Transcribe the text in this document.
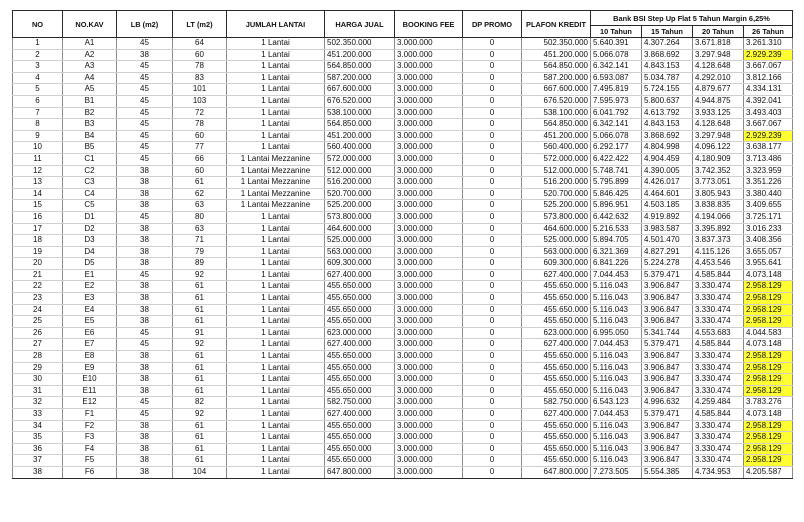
NO	NO.KAV	LB (m2)	LT (m2)	JUMLAH LANTAI	HARGA JUAL	BOOKING FEE	DP PROMO	PLAFON KREDIT	Bank BSI Step Up Flat 5 Tahun Margin 6,25%			
									10 Tahun	15 Tahun	20 Tahun	26 Tahun
1	A1	45	64	1 Lantai	502.350.000	3.000.000	0	502.350.000	5.640.391	4.307.264	3.671.818	3.261.310
2	A2	38	60	1 Lantai	451.200.000	3.000.000	0	451.200.000	5.066.078	3.868.692	3.297.948	2.929.239
3	A3	45	78	1 Lantai	564.850.000	3.000.000	0	564.850.000	6.342.141	4.843.153	4.128.648	3.667.067
4	A4	45	83	1 Lantai	587.200.000	3.000.000	0	587.200.000	6.593.087	5.034.787	4.292.010	3.812.166
5	A5	45	101	1 Lantai	667.600.000	3.000.000	0	667.600.000	7.495.819	5.724.155	4.879.677	4.334.131
6	B1	45	103	1 Lantai	676.520.000	3.000.000	0	676.520.000	7.595.973	5.800.637	4.944.875	4.392.041
7	B2	45	72	1 Lantai	538.100.000	3.000.000	0	538.100.000	6.041.792	4.613.792	3.933.125	3.493.403
8	B3	45	78	1 Lantai	564.850.000	3.000.000	0	564.850.000	6.342.141	4.843.153	4.128.648	3.667.067
9	B4	45	60	1 Lantai	451.200.000	3.000.000	0	451.200.000	5.066.078	3.868.692	3.297.948	2.929.239
10	B5	45	77	1 Lantai	560.400.000	3.000.000	0	560.400.000	6.292.177	4.804.998	4.096.122	3.638.177
11	C1	45	66	1 Lantai Mezzanine	572.000.000	3.000.000	0	572.000.000	6.422.422	4.904.459	4.180.909	3.713.486
12	C2	38	60	1 Lantai Mezzanine	512.000.000	3.000.000	0	512.000.000	5.748.741	4.390.005	3.742.352	3.323.959
13	C3	38	61	1 Lantai Mezzanine	516.200.000	3.000.000	0	516.200.000	5.795.899	4.426.017	3.773.051	3.351.226
14	C4	38	62	1 Lantai Mezzanine	520.700.000	3.000.000	0	520.700.000	5.846.425	4.464.601	3.805.943	3.380.440
15	C5	38	63	1 Lantai Mezzanine	525.200.000	3.000.000	0	525.200.000	5.896.951	4.503.185	3.838.835	3.409.655
16	D1	45	80	1 Lantai	573.800.000	3.000.000	0	573.800.000	6.442.632	4.919.892	4.194.066	3.725.171
17	D2	38	63	1 Lantai	464.600.000	3.000.000	0	464.600.000	5.216.533	3.983.587	3.395.892	3.016.233
18	D3	38	71	1 Lantai	525.000.000	3.000.000	0	525.000.000	5.894.705	4.501.470	3.837.373	3.408.356
19	D4	38	79	1 Lantai	563.000.000	3.000.000	0	563.000.000	6.321.369	4.827.291	4.115.126	3.655.057
20	D5	38	89	1 Lantai	609.300.000	3.000.000	0	609.300.000	6.841.226	5.224.278	4.453.546	3.955.641
21	E1	45	92	1 Lantai	627.400.000	3.000.000	0	627.400.000	7.044.453	5.379.471	4.585.844	4.073.148
22	E2	38	61	1 Lantai	455.650.000	3.000.000	0	455.650.000	5.116.043	3.906.847	3.330.474	2.958.129
23	E3	38	61	1 Lantai	455.650.000	3.000.000	0	455.650.000	5.116.043	3.906.847	3.330.474	2.958.129
24	E4	38	61	1 Lantai	455.650.000	3.000.000	0	455.650.000	5.116.043	3.906.847	3.330.474	2.958.129
25	E5	38	61	1 Lantai	455.650.000	3.000.000	0	455.650.000	5.116.043	3.906.847	3.330.474	2.958.129
26	E6	45	91	1 Lantai	623.000.000	3.000.000	0	623.000.000	6.995.050	5.341.744	4.553.683	4.044.583
27	E7	45	92	1 Lantai	627.400.000	3.000.000	0	627.400.000	7.044.453	5.379.471	4.585.844	4.073.148
28	E8	38	61	1 Lantai	455.650.000	3.000.000	0	455.650.000	5.116.043	3.906.847	3.330.474	2.958.129
29	E9	38	61	1 Lantai	455.650.000	3.000.000	0	455.650.000	5.116.043	3.906.847	3.330.474	2.958.129
30	E10	38	61	1 Lantai	455.650.000	3.000.000	0	455.650.000	5.116.043	3.906.847	3.330.474	2.958.129
31	E11	38	61	1 Lantai	455.650.000	3.000.000	0	455.650.000	5.116.043	3.906.847	3.330.474	2.958.129
32	E12	45	82	1 Lantai	582.750.000	3.000.000	0	582.750.000	6.543.123	4.996.632	4.259.484	3.783.276
33	F1	45	92	1 Lantai	627.400.000	3.000.000	0	627.400.000	7.044.453	5.379.471	4.585.844	4.073.148
34	F2	38	61	1 Lantai	455.650.000	3.000.000	0	455.650.000	5.116.043	3.906.847	3.330.474	2.958.129
35	F3	38	61	1 Lantai	455.650.000	3.000.000	0	455.650.000	5.116.043	3.906.847	3.330.474	2.958.129
36	F4	38	61	1 Lantai	455.650.000	3.000.000	0	455.650.000	5.116.043	3.906.847	3.330.474	2.958.129
37	F5	38	61	1 Lantai	455.650.000	3.000.000	0	455.650.000	5.116.043	3.906.847	3.330.474	2.958.129
38	F6	38	104	1 Lantai	647.800.000	3.000.000	0	647.800.000	7.273.505	5.554.385	4.734.953	4.205.587
